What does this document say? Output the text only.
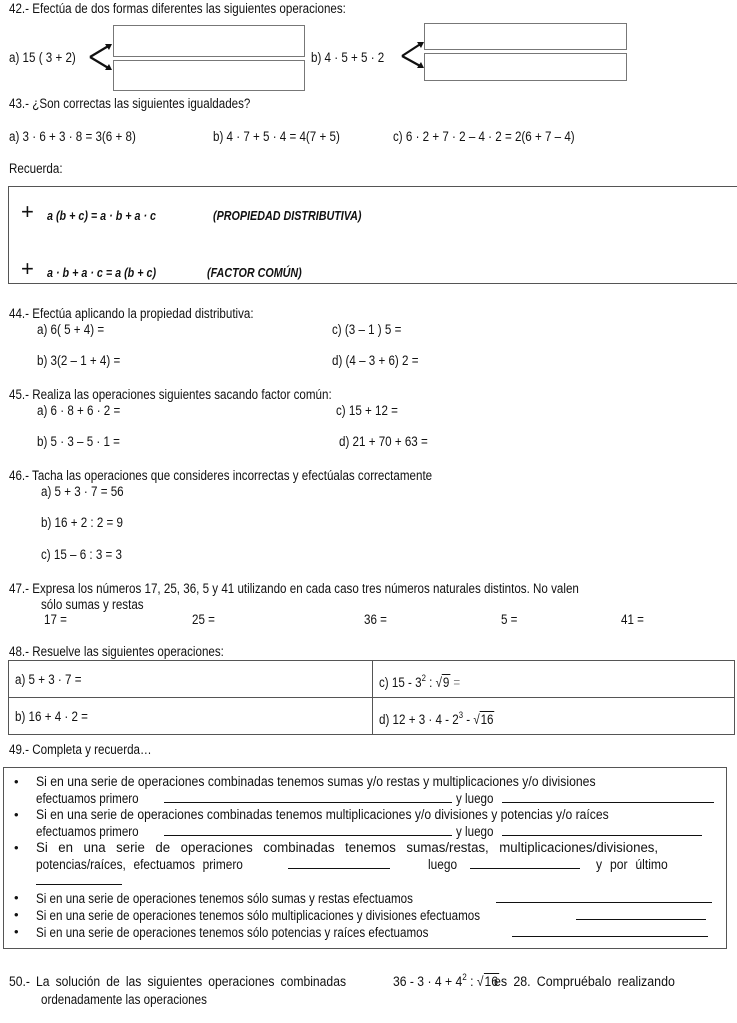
42.- Efectúa de dos formas diferentes las siguientes operaciones:
a) 15 ( 3 + 2)	b) 4 · 5 + 5 · 2
43.- ¿Son correctas las siguientes igualdades?
a) 3 · 6 + 3 · 8 = 3(6 + 8)	b) 4 · 7 + 5 · 4 = 4(7 + 5)	c) 6 · 2 + 7 · 2 – 4 · 2 = 2(6 + 7 – 4)
Recuerda:
+ a (b + c) = a · b + a · c	(PROPIEDAD DISTRIBUTIVA)
+ a · b + a · c = a (b + c)	(FACTOR COMÚN)
44.- Efectúa aplicando la propiedad distributiva:
a) 6( 5 + 4) =	c) (3 – 1 ) 5 =
b) 3(2 – 1 + 4) =	d) (4 – 3 + 6) 2 =
45.- Realiza las operaciones siguientes sacando factor común:
a) 6 · 8 + 6 · 2 =	c) 15 + 12 =
b) 5 · 3 – 5 · 1 =	d) 21 + 70 + 63 =
46.- Tacha las operaciones que consideres incorrectas y efectúalas correctamente
a) 5 + 3 · 7 = 56
b) 16 + 2 : 2 = 9
c) 15 – 6 : 3 = 3
47.- Expresa los números 17, 25, 36, 5 y 41 utilizando en cada caso tres números naturales distintos. No valen
sólo sumas y restas
17 =	25 =	36 =	5 =	41 =
48.- Resuelve las siguientes operaciones:
a) 5 + 3 · 7 =	c) $15 - 3^2$ : √9 =
b) 16 + 4 · 2 =	d) $12 + 3 \cdot 4 - 2^3 - √16$
49.- Completa y recuerda…
• Si en una serie de operaciones combinadas tenemos sumas y/o restas y multiplicaciones y/o divisiones
efectuamos primero	y luego
• Si en una serie de operaciones combinadas tenemos multiplicaciones y/o divisiones y potencias y/o raíces
efectuamos primero	y luego
• Si en una serie de operaciones combinadas tenemos sumas/restas, multiplicaciones/divisiones,
potencias/raíces, efectuamos primero	luego	y por último
• Si en una serie de operaciones tenemos sólo sumas y restas efectuamos
• Si en una serie de operaciones tenemos sólo multiplicaciones y divisiones efectuamos
• Si en una serie de operaciones tenemos sólo potencias y raíces efectuamos
50.- La solución de las siguientes operaciones combinadas	$36 - 3 \cdot 4 + 4^2$ : √16
es 28. Compruébalo realizando
ordenadamente las operaciones
